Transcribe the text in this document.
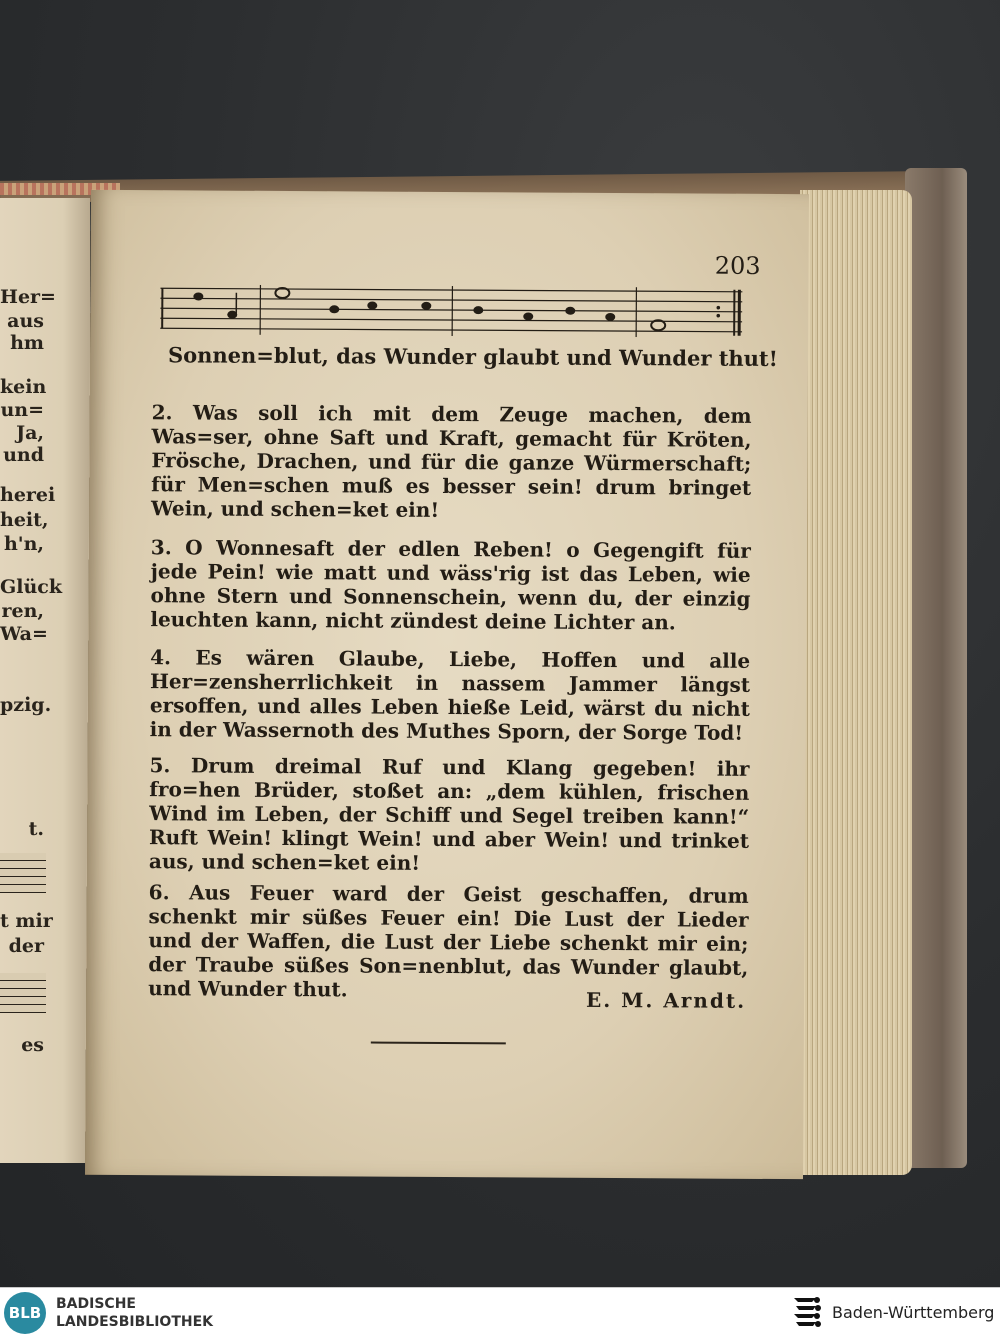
Her=
aus
hm
kein
un=
Ja,
und
herei
heit,
h'n,
Glück
ren,
Wa=
pzig.
t.
t mir
der
es
203
Sonnen=blut, das Wunder glaubt und Wunder thut!

2. Was soll ich mit dem Zeuge machen, dem Was=ser, ohne Saft und Kraft, gemacht für Kröten, Frösche, Drachen, und für die ganze Würmerschaft; für Men=schen muß es besser sein! drum bringet Wein, und schen=ket ein!

3. O Wonnesaft der edlen Reben! o Gegengift für jede Pein! wie matt und wäss'rig ist das Leben, wie ohne Stern und Sonnenschein, wenn du, der einzig leuchten kann, nicht zündest deine Lichter an.

4. Es wären Glaube, Liebe, Hoffen und alle Her=zensherrlichkeit in nassem Jammer längst ersoffen, und alles Leben hieße Leid, wärst du nicht in der Wassernoth des Muthes Sporn, der Sorge Tod!

5. Drum dreimal Ruf und Klang gegeben! ihr fro=hen Brüder, stoßet an: „dem kühlen, frischen Wind im Leben, der Schiff und Segel treiben kann!“ Ruft Wein! klingt Wein! und aber Wein! und trinket aus, und schen=ket ein!

6. Aus Feuer ward der Geist geschaffen, drum schenkt mir süßes Feuer ein! Die Lust der Lieder und der Waffen, die Lust der Liebe schenkt mir ein; der Traube süßes Son=nenblut, das Wunder glaubt, und Wunder thut.	E. M. Arndt.
BLB	BADISCHE
LANDESBIBLIOTHEK	Baden-Württemberg
